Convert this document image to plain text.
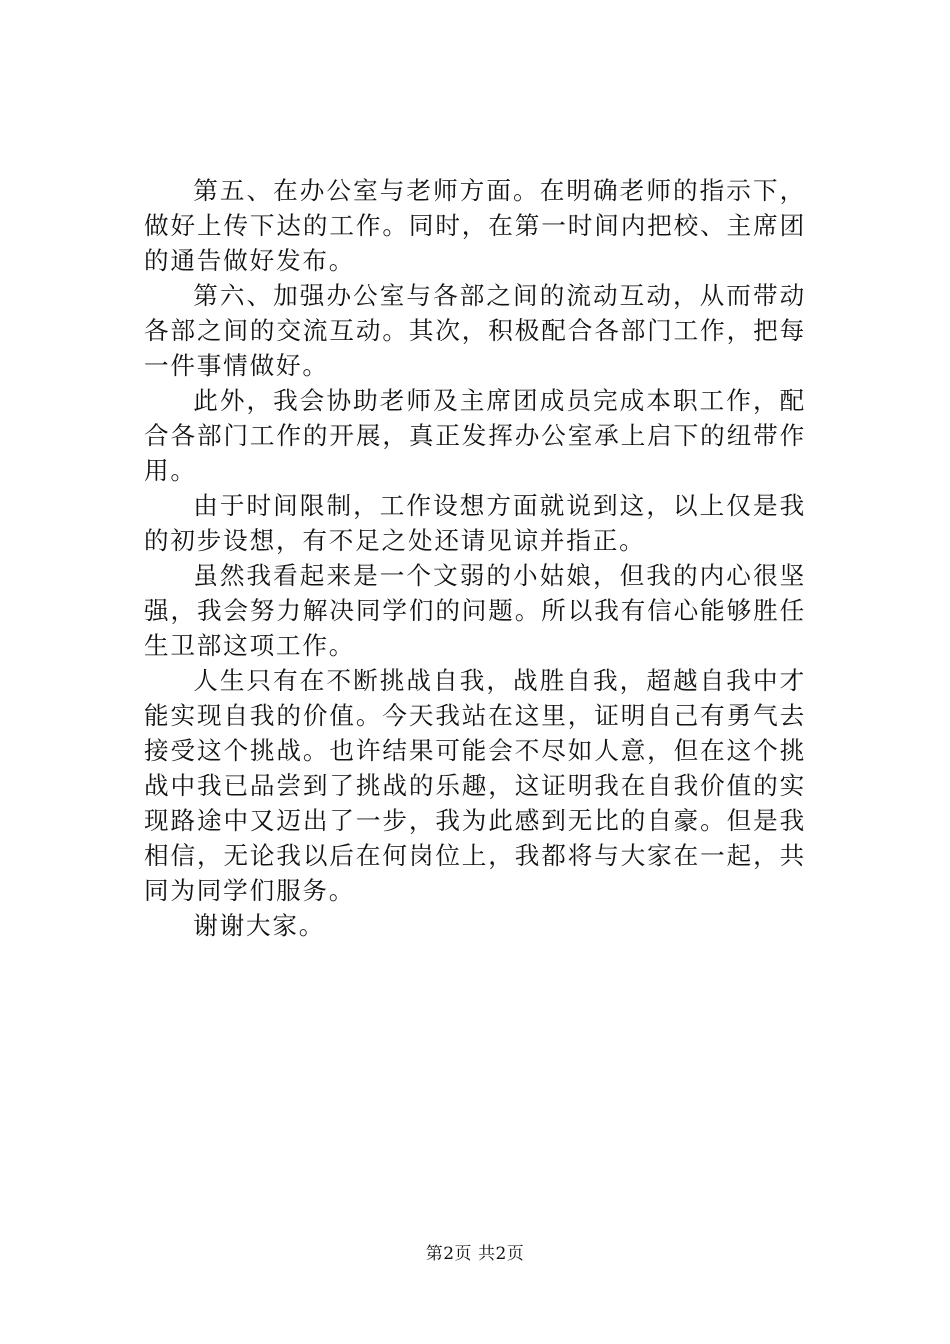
第五、在办公室与老师方面。在明确老师的指示下，做好上传下达的工作。同时，在第一时间内把校、主席团的通告做好发布。

第六、加强办公室与各部之间的流动互动，从而带动各部之间的交流互动。其次，积极配合各部门工作，把每一件事情做好。

此外，我会协助老师及主席团成员完成本职工作，配合各部门工作的开展，真正发挥办公室承上启下的纽带作用。

由于时间限制，工作设想方面就说到这，以上仅是我的初步设想，有不足之处还请见谅并指正。

虽然我看起来是一个文弱的小姑娘，但我的内心很坚强，我会努力解决同学们的问题。所以我有信心能够胜任生卫部这项工作。

人生只有在不断挑战自我，战胜自我，超越自我中才能实现自我的价值。今天我站在这里，证明自己有勇气去接受这个挑战。也许结果可能会不尽如人意，但在这个挑战中我已品尝到了挑战的乐趣，这证明我在自我价值的实现路途中又迈出了一步，我为此感到无比的自豪。但是我相信，无论我以后在何岗位上，我都将与大家在一起，共同为同学们服务。

谢谢大家。

第2页 共2页
